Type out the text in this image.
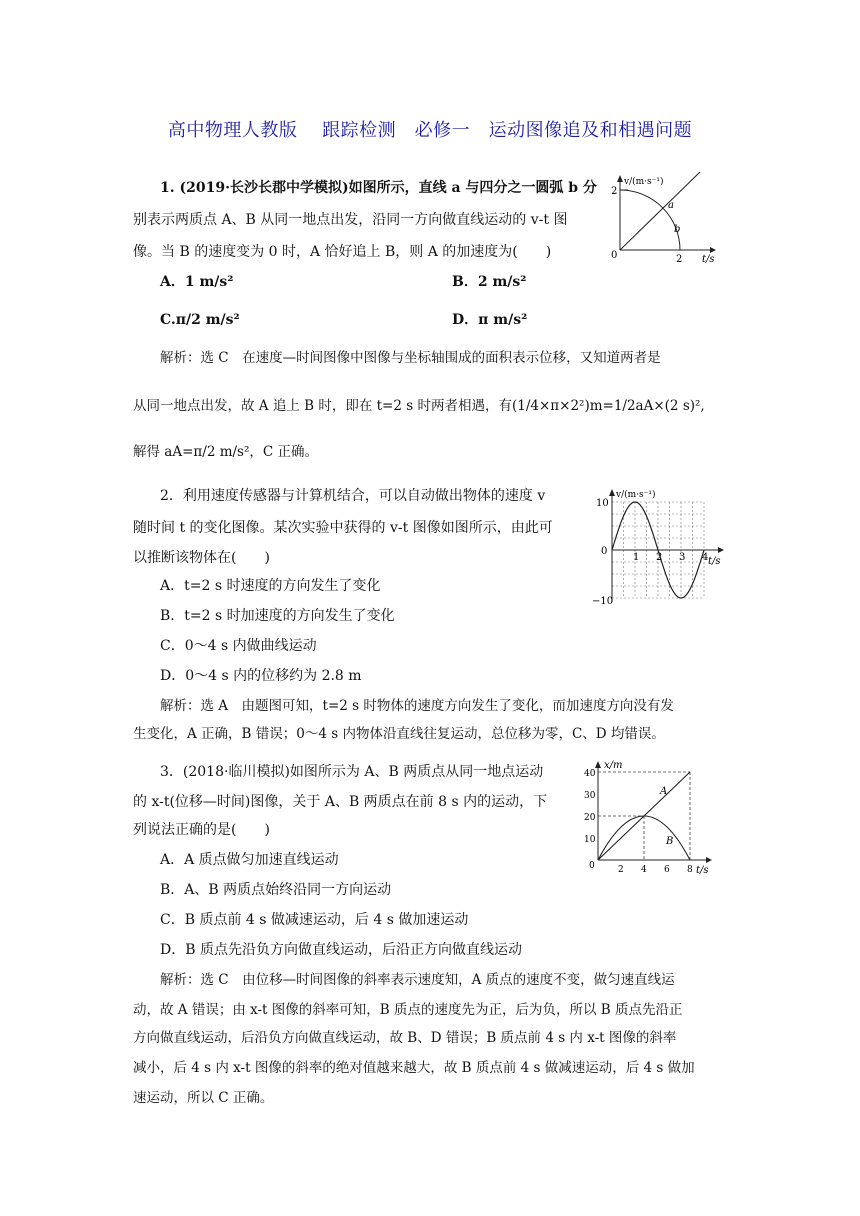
高中物理人教版　 跟踪检测　必修一　运动图像追及和相遇问题
1. (2019·长沙长郡中学模拟)如图所示，直线 a 与四分之一圆弧 b 分
别表示两质点 A、B 从同一地点出发，沿同一方向做直线运动的 v-t 图
像。当 B 的速度变为 0 时，A 恰好追上 B，则 A 的加速度为(　　)
A．1 m/s²	B．2 m/s²
C.π/2 m/s²	D．π m/s²
解析：选 C　在速度—时间图像中图像与坐标轴围成的面积表示位移，又知道两者是
从同一地点出发，故 A 追上 B 时，即在 t=2 s 时两者相遇，有(1/4×π×2²)m=1/2aA×(2 s)²,
解得 aA=π/2 m/s²，C 正确。
v/(m·s⁻¹)
t/s
2
2
0
a
b
2．利用速度传感器与计算机结合，可以自动做出物体的速度 v
随时间 t 的变化图像。某次实验中获得的 v-t 图像如图所示，由此可
以推断该物体在(　　)
A．t=2 s 时速度的方向发生了变化
B．t=2 s 时加速度的方向发生了变化
C．0～4 s 内做曲线运动
D．0～4 s 内的位移约为 2.8 m
解析：选 A　由题图可知，t=2 s 时物体的速度方向发生了变化，而加速度方向没有发
生变化，A 正确，B 错误；0～4 s 内物体沿直线往复运动，总位移为零，C、D 均错误。
v/(m·s⁻¹)
t/s
10
0
−10
1 2 3 4
3．(2018·临川模拟)如图所示为 A、B 两质点从同一地点运动
的 x-t(位移—时间)图像，关于 A、B 两质点在前 8 s 内的运动，下
列说法正确的是(　　)
A．A 质点做匀加速直线运动
B．A、B 两质点始终沿同一方向运动
C．B 质点前 4 s 做减速运动，后 4 s 做加速运动
D．B 质点先沿负方向做直线运动，后沿正方向做直线运动
解析：选 C　由位移—时间图像的斜率表示速度知，A 质点的速度不变，做匀速直线运
动，故 A 错误；由 x-t 图像的斜率可知，B 质点的速度先为正，后为负，所以 B 质点先沿正
方向做直线运动，后沿负方向做直线运动，故 B、D 错误；B 质点前 4 s 内 x-t 图像的斜率
减小，后 4 s 内 x-t 图像的斜率的绝对值越来越大，故 B 质点前 4 s 做减速运动，后 4 s 做加
速运动，所以 C 正确。
x/m
t/s
40
30
20
10
0	2 4 6 8
A
B
